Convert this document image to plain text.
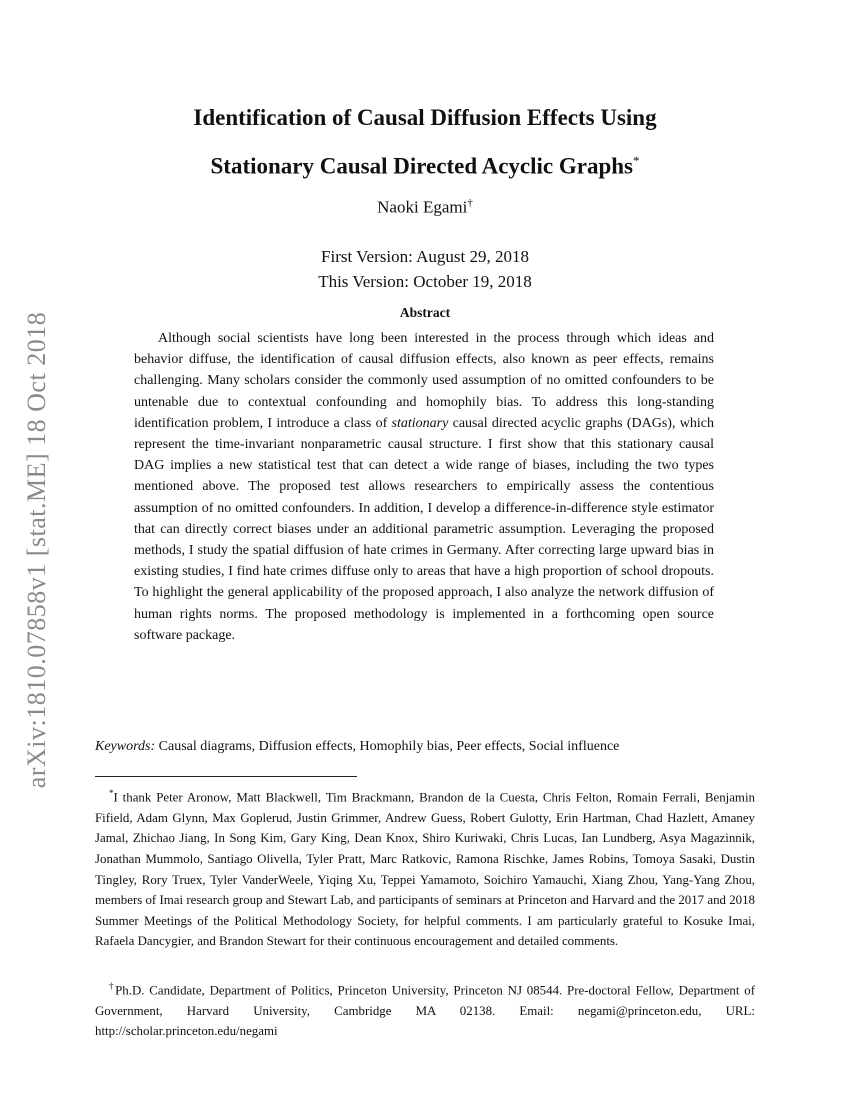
arXiv:1810.07858v1 [stat.ME] 18 Oct 2018
Identification of Causal Diffusion Effects Using
Stationary Causal Directed Acyclic Graphs*
Naoki Egami†
First Version: August 29, 2018
This Version: October 19, 2018
Abstract

Although social scientists have long been interested in the process through which ideas and behavior diffuse, the identification of causal diffusion effects, also known as peer effects, remains challenging. Many scholars consider the commonly used assumption of no omitted confounders to be untenable due to contextual confounding and homophily bias. To address this long-standing identification problem, I introduce a class of stationary causal directed acyclic graphs (DAGs), which represent the time-invariant nonparametric causal structure. I first show that this stationary causal DAG implies a new statistical test that can detect a wide range of biases, including the two types mentioned above. The proposed test allows researchers to empirically assess the contentious assumption of no omitted confounders. In addition, I develop a difference-in-difference style estimator that can directly correct biases under an additional parametric assumption. Leveraging the proposed methods, I study the spatial diffusion of hate crimes in Germany. After correcting large upward bias in existing studies, I find hate crimes diffuse only to areas that have a high proportion of school dropouts. To highlight the general applicability of the proposed approach, I also analyze the network diffusion of human rights norms. The proposed methodology is implemented in a forthcoming open source software package.

Keywords: Causal diagrams, Diffusion effects, Homophily bias, Peer effects, Social influence

*I thank Peter Aronow, Matt Blackwell, Tim Brackmann, Brandon de la Cuesta, Chris Felton, Romain Ferrali, Benjamin Fifield, Adam Glynn, Max Goplerud, Justin Grimmer, Andrew Guess, Robert Gulotty, Erin Hartman, Chad Hazlett, Amaney Jamal, Zhichao Jiang, In Song Kim, Gary King, Dean Knox, Shiro Kuriwaki, Chris Lucas, Ian Lundberg, Asya Magazinnik, Jonathan Mummolo, Santiago Olivella, Tyler Pratt, Marc Ratkovic, Ramona Rischke, James Robins, Tomoya Sasaki, Dustin Tingley, Rory Truex, Tyler VanderWeele, Yiqing Xu, Teppei Yamamoto, Soichiro Yamauchi, Xiang Zhou, Yang-Yang Zhou, members of Imai research group and Stewart Lab, and participants of seminars at Princeton and Harvard and the 2017 and 2018 Summer Meetings of the Political Methodology Society, for helpful comments. I am particularly grateful to Kosuke Imai, Rafaela Dancygier, and Brandon Stewart for their continuous encouragement and detailed comments.

†Ph.D. Candidate, Department of Politics, Princeton University, Princeton NJ 08544. Pre-doctoral Fellow, Department of Government, Harvard University, Cambridge MA 02138. Email: negami@princeton.edu, URL: http://scholar.princeton.edu/negami
